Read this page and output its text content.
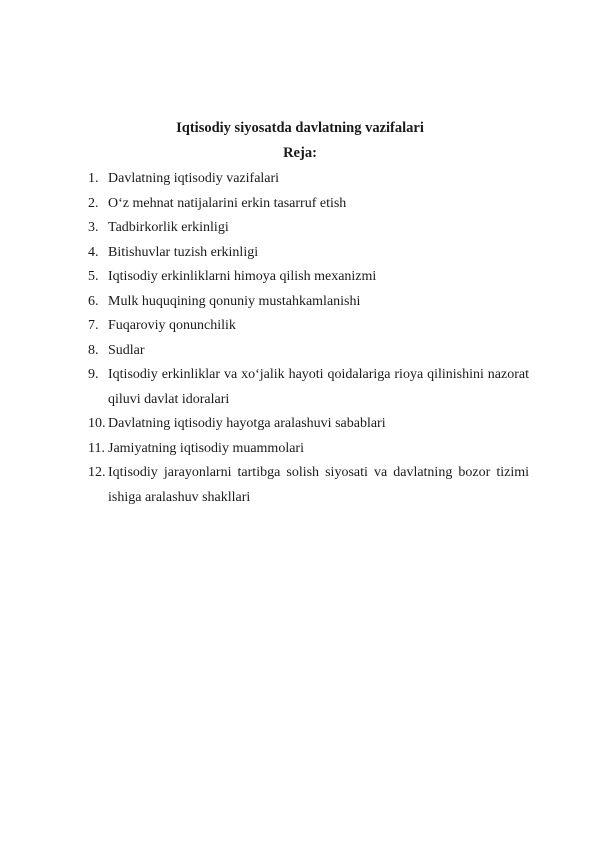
Iqtisodiy siyosatda davlatning vazifalari
Reja:
1. Davlatning iqtisodiy vazifalari
2. O‘z mehnat natijalarini erkin tasarruf etish
3. Tadbirkorlik erkinligi
4. Bitishuvlar tuzish erkinligi
5. Iqtisodiy erkinliklarni himoya qilish mexanizmi
6. Mulk huquqining qonuniy mustahkamlanishi
7. Fuqaroviy qonunchilik
8. Sudlar
9. Iqtisodiy erkinliklar va xo‘jalik hayoti qoidalariga rioya qilinishini nazorat qiluvi davlat idoralari
10. Davlatning iqtisodiy hayotga aralashuvi sabablari
11. Jamiyatning iqtisodiy muammolari
12. Iqtisodiy jarayonlarni tartibga solish siyosati va davlatning bozor tizimi ishiga aralashuv shakllari
